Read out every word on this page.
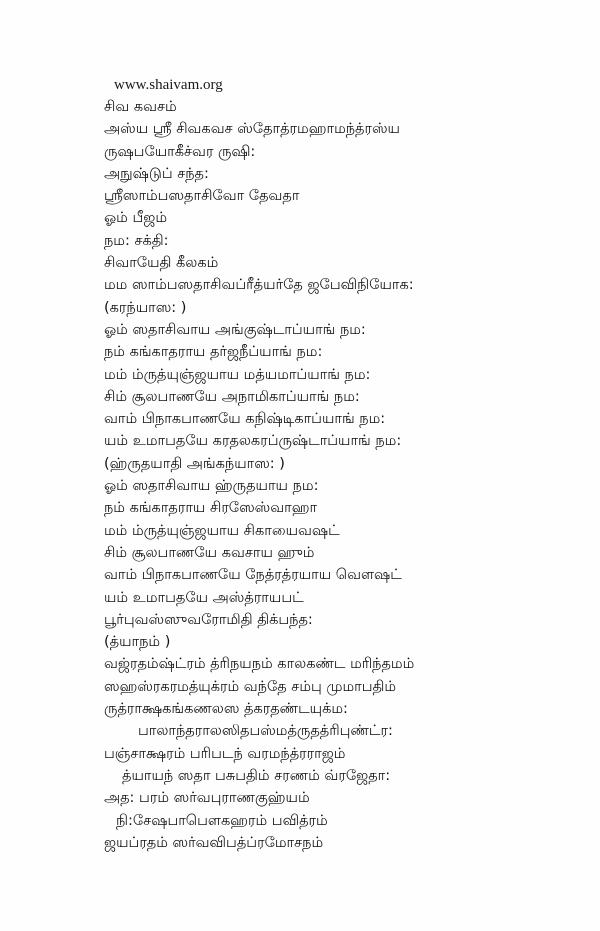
www.shaivam.org
சிவ கவசம்
அஸ்ய ஸ்ரீ சிவகவச ஸ்தோத்ரமஹாமந்த்ரஸ்ய
ருஷபயோகீச்வர ருஷி:
அநுஷ்டுப் சந்த:
ஸ்ரீஸாம்பஸதாசிவோ தேவதா
ஓம் பீஜம்
நம: சக்தி:
சிவாயேதி கீலகம்
மம ஸாம்பஸதாசிவப்ரீத்யர்தே ஜபேவிநியோக:
(கரந்யாஸ: )
ஓம் ஸதாசிவாய அங்குஷ்டாப்யாங் நம:
நம் கங்காதராய தர்ஜநீப்யாங் நம:
மம் ம்ருத்யுஞ்ஜயாய மத்யமாப்யாங் நம:
சிம் சூலபாணயே அநாமிகாப்யாங் நம:
வாம் பிநாகபாணயே கநிஷ்டிகாப்யாங் நம:
யம் உமாபதயே கரதலகரப்ருஷ்டாப்யாங் நம:
(ஹ்ருதயாதி அங்கந்யாஸ: )
ஓம் ஸதாசிவாய ஹ்ருதயாய நம:
நம் கங்காதராய சிரஸேஸ்வாஹா
மம் ம்ருத்யுஞ்ஜயாய சிகாயைவஷட்
சிம் சூலபாணயே கவசாய ஹும்
வாம் பிநாகபாணயே நேத்ரத்ரயாய வௌஷட்
யம் உமாபதயே அஸ்த்ராயபட்
பூர்புவஸ்ஸுவரோமிதி திக்பந்த:
(த்யாநம் )
வஜ்ரதம்ஷ்ட்ரம் த்ரிநயநம் காலகண்ட மரிந்தமம்
ஸஹஸ்ரகரமத்யுக்ரம் வந்தே சம்பு முமாபதிம்
ருத்ராக்ஷகங்கணலஸ த்கரதண்டயுக்ம:
பாலாந்தராலஸிதபஸ்மத்ருதத்ரிபுண்ட்ர:
பஞ்சாக்ஷரம் பரிபடந் வரமந்த்ரராஜம்
த்யாயந் ஸதா பசுபதிம் சரணம் வ்ரஜேதா:
அத: பரம் ஸர்வபுராணகுஹ்யம்
நி:சேஷபாபௌகஹரம் பவித்ரம்
ஜயப்ரதம் ஸர்வவிபத்ப்ரமோசநம்
